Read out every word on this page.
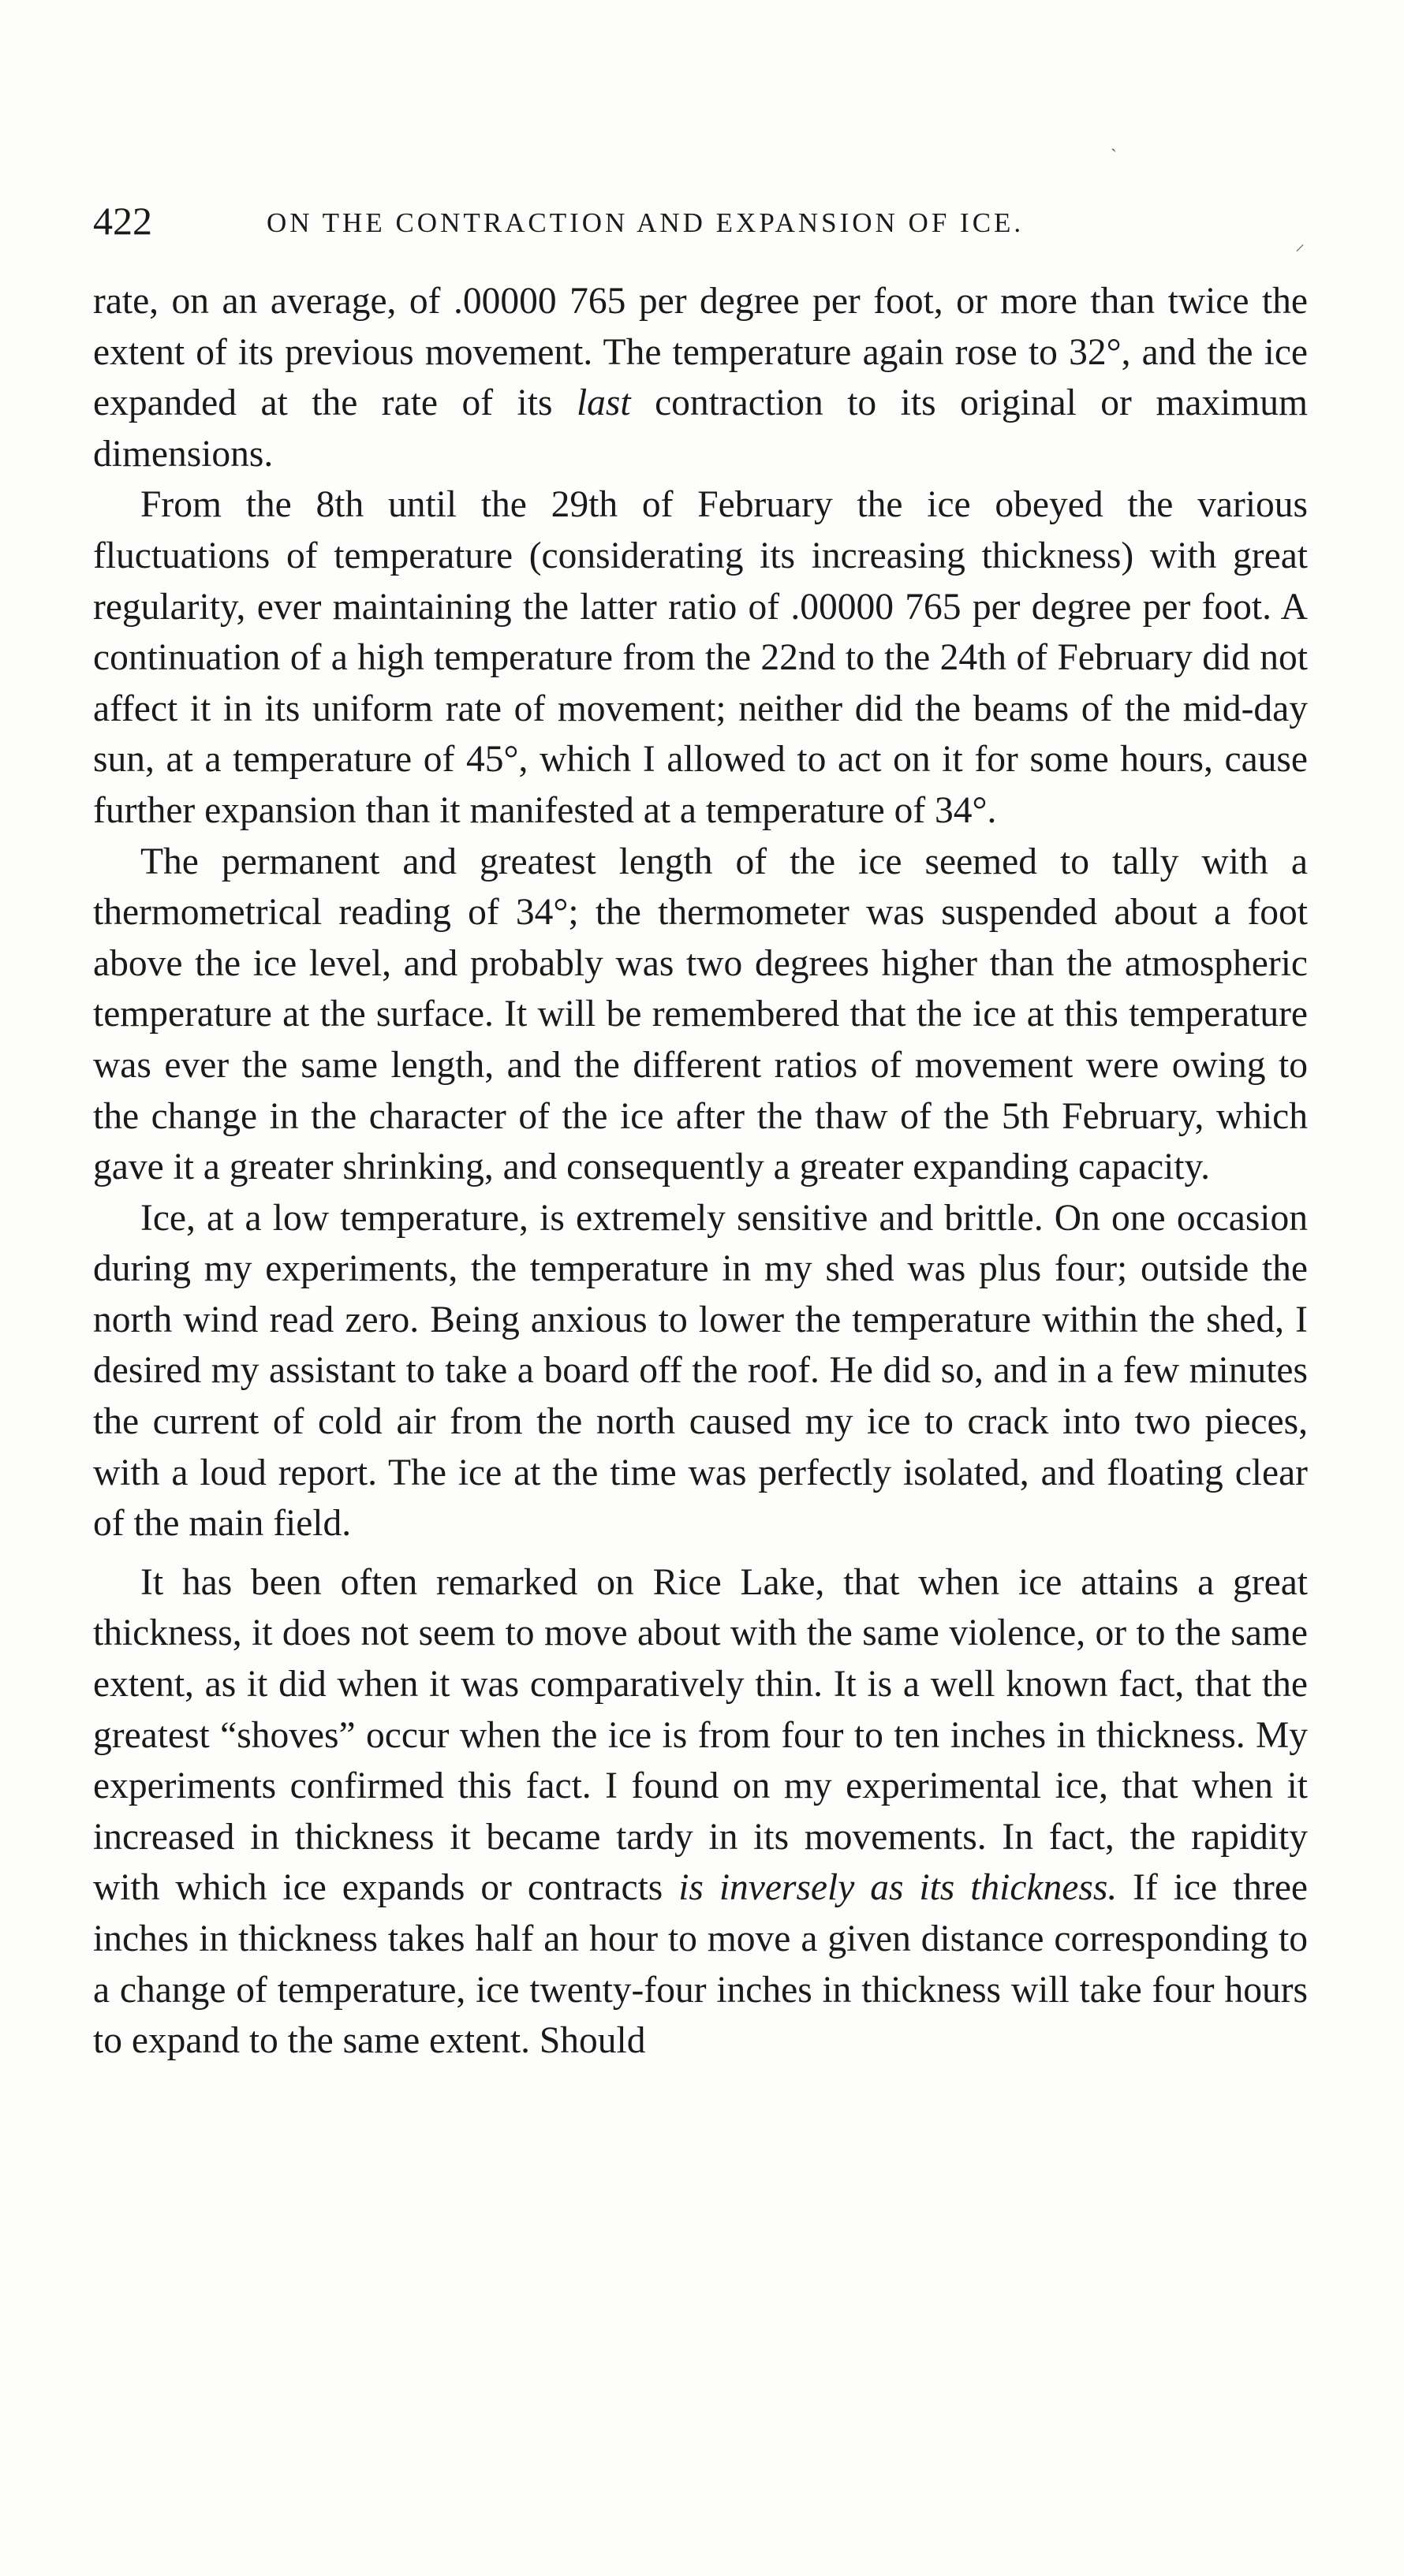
ˋ
⸝
422	ON THE CONTRACTION AND EXPANSION OF ICE.

rate, on an average, of .00000 765 per degree per foot, or more than twice the extent of its previous movement. The temperature again rose to 32°, and the ice expanded at the rate of its last contraction to its original or maximum dimensions.

From the 8th until the 29th of February the ice obeyed the various fluctuations of temperature (considerating its increasing thickness) with great regularity, ever maintaining the latter ratio of .00000 765 per degree per foot. A continuation of a high temperature from the 22nd to the 24th of February did not affect it in its uniform rate of movement; neither did the beams of the mid-day sun, at a temperature of 45°, which I allowed to act on it for some hours, cause further expansion than it manifested at a temperature of 34°.

The permanent and greatest length of the ice seemed to tally with a thermometrical reading of 34°; the thermometer was suspended about a foot above the ice level, and probably was two degrees higher than the atmospheric temperature at the surface. It will be remembered that the ice at this temperature was ever the same length, and the different ratios of movement were owing to the change in the character of the ice after the thaw of the 5th February, which gave it a greater shrinking, and consequently a greater expanding capacity.

Ice, at a low temperature, is extremely sensitive and brittle. On one occasion during my experiments, the temperature in my shed was plus four; outside the north wind read zero. Being anxious to lower the temperature within the shed, I desired my assistant to take a board off the roof. He did so, and in a few minutes the current of cold air from the north caused my ice to crack into two pieces, with a loud report. The ice at the time was perfectly isolated, and floating clear of the main field.

It has been often remarked on Rice Lake, that when ice attains a great thickness, it does not seem to move about with the same violence, or to the same extent, as it did when it was comparatively thin. It is a well known fact, that the greatest “shoves” occur when the ice is from four to ten inches in thickness. My experiments confirmed this fact. I found on my experimental ice, that when it increased in thickness it became tardy in its movements. In fact, the rapidity with which ice expands or contracts is inversely as its thickness. If ice three inches in thickness takes half an hour to move a given distance corresponding to a change of temperature, ice twenty-four inches in thickness will take four hours to expand to the same extent. Should
